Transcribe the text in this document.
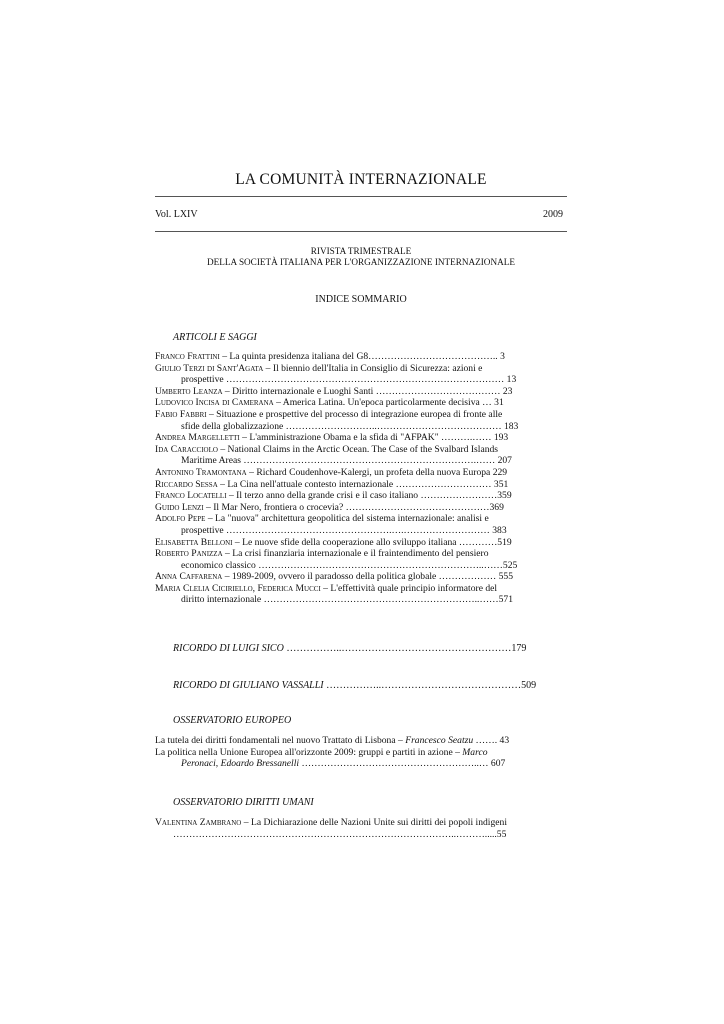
LA COMUNITÀ INTERNAZIONALE
Vol. LXIV	2009
RIVISTA TRIMESTRALE
DELLA SOCIETÀ ITALIANA PER L'ORGANIZZAZIONE INTERNAZIONALE
INDICE SOMMARIO
ARTICOLI E SAGGI
Franco Frattini – La quinta presidenza italiana del G8………………………………….. 3
Giulio Terzi di Sant'Agata – Il biennio dell'Italia in Consiglio di Sicurezza: azioni e
prospettive …………………………………………………………………………… 13
Umberto Leanza – Diritto internazionale e Luoghi Santi ………………………………… 23
Ludovico Incisa di Camerana – America Latina. Un'epoca particolarmente decisiva … 31
Fabio Fabbri – Situazione e prospettive del processo di integrazione europea di fronte alle
sfide della globalizzazione ………………………..………………………………… 183
Andrea Margelletti – L'amministrazione Obama e la sfida di "AFPAK" ……….…… 193
Ida Caracciolo – National Claims in the Arctic Ocean. The Case of the Svalbard Islands
Maritime Areas ……………………………………………………………….…… 207
Antonino Tramontana – Richard Coudenhove-Kalergi, un profeta della nuova Europa 229
Riccardo Sessa – La Cina nell'attuale contesto internazionale ………………………… 351
Franco Locatelli – Il terzo anno della grande crisi e il caso italiano ……………………359
Guido Lenzi – Il Mar Nero, frontiera o crocevia? ………………………………………369
Adolfo Pepe – La "nuova" architettura geopolitica del sistema internazionale: analisi e
prospettive …………………………………………….….……………………… 383
Elisabetta Belloni – Le nuove sfide della cooperazione allo sviluppo italiana …………519
Roberto Panizza – La crisi finanziaria internazionale e il fraintendimento del pensiero
economico classico ……………………………………………………………..……525
Anna Caffarena – 1989-2009, ovvero il paradosso della politica globale ……………… 555
Maria Clelia Ciciriello, Federica Mucci – L'effettività quale principio informatore del
diritto internazionale …………………………………………………………..……571
RICORDO DI LUIGI SICO ……………..……………………………………………179
RICORDO DI GIULIANO VASSALLI ……………..……………………………………509
OSSERVATORIO EUROPEO
La tutela dei diritti fondamentali nel nuovo Trattato di Lisbona – Francesco Seatzu ……. 43
La politica nella Unione Europea all'orizzonte 2009: gruppi e partiti in azione – Marco
Peronaci, Edoardo Bressanelli ………………………………………………..… 607
OSSERVATORIO DIRITTI UMANI
Valentina Zambrano – La Dichiarazione delle Nazioni Unite sui diritti dei popoli indigeni
……………………………………………………………………………..……….....55
